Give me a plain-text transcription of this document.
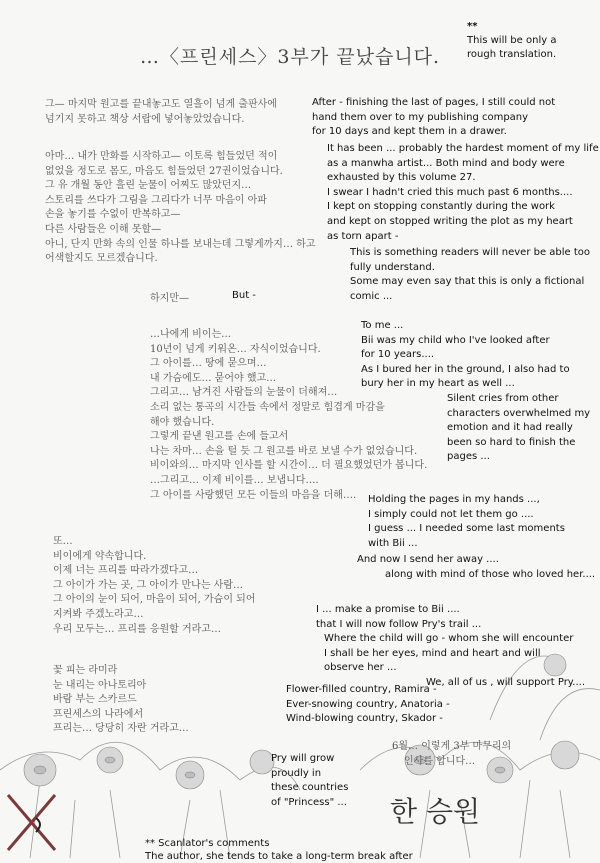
…〈프린세스〉3부가 끝났습니다.
**
This will be only a
rough translation.
그— 마지막 원고를 끝내놓고도 열흘이 넘게 출판사에
넘기지 못하고 책상 서랍에 넣어놓았었습니다.
After - finishing the last of pages, I still could not
hand them over to my publishing company
for 10 days and kept them in a drawer.
아마… 내가 만화를 시작하고— 이토록 힘들었던 적이
없었을 정도로 몸도, 마음도 힘들었던 27권이었습니다.
그 유 개월 동안 흘린 눈물이 어찌도 많았던지…
스토리를 쓰다가 그림을 그리다가 너무 마음이 아파
손을 놓기를 수없이 반복하고—
다른 사람들은 이해 못할—
아니, 단지 만화 속의 인물 하나를 보내는데 그렇게까지… 하고
어색할지도 모르겠습니다.
It has been ... probably the hardest moment of my life
as a manwha artist... Both mind and body were
exhausted by this volume 27.
I swear I hadn't cried this much past 6 months....
I kept on stopping constantly during the work
and kept on stopped writing the plot as my heart
as torn apart -
This is something readers will never be able too
fully understand.
Some may even say that this is only a fictional
comic ...
하지만—	But -
…나에게 비이는…
10년이 넘게 키워온… 자식이었습니다.
그 아이를… 땅에 묻으며…
내 가슴에도… 묻어야 했고…
그리고… 남겨진 사람들의 눈물이 더해져…
소리 없는 통곡의 시간들 속에서 정말로 힘겹게 마감을
해야 했습니다.
그렇게 끝낸 원고를 손에 들고서
나는 차마… 손을 털 듯 그 원고를 바로 보낼 수가 없었습니다.
비이와의… 마지막 인사를 할 시간이… 더 필요했었던가 봅니다.
…그리고… 이제 비이를… 보냅니다….
그 아이를 사랑했던 모든 이들의 마음을 더해….
To me ...
Bii was my child who I've looked after
for 10 years....
As I bured her in the ground, I also had to
bury her in my heart as well ...
Silent cries from other
characters overwhelmed my
emotion and it had really
been so hard to finish the
pages ...
Holding the pages in my hands ...,
I simply could not let them go ....
I guess ... I needed some last moments
with Bii ...
또…
비이에게 약속합니다.
이제 너는 프리를 따라가겠다고…
그 아이가 가는 곳, 그 아이가 만나는 사람…
그 아이의 눈이 되어, 마음이 되어, 가슴이 되어
지켜봐 주겠노라고…
우리 모두는… 프리를 응원할 거라고…
And now I send her away ....
along with mind of those who loved her....
I ... make a promise to Bii ....
that I will now follow Pry's trail ...
Where the child will go - whom she will encounter
I shall be her eyes, mind and heart and will
observe her ...
We, all of us , will support Pry....
꽃 피는 라미라
눈 내리는 아나토리아
바람 부는 스카르드
프린세스의 나라에서
프리는… 당당히 자란 거라고…
Flower-filled country, Ramira -
Ever-snowing country, Anatoria -
Wind-blowing country, Skador -
Pry will grow
proudly in
these countries
of "Princess" ...
6월… 이렇게 3부 마무리의
인사를 합니다…
한 승원
** Scanlator's comments
The author, she tends to take a long-term break after
